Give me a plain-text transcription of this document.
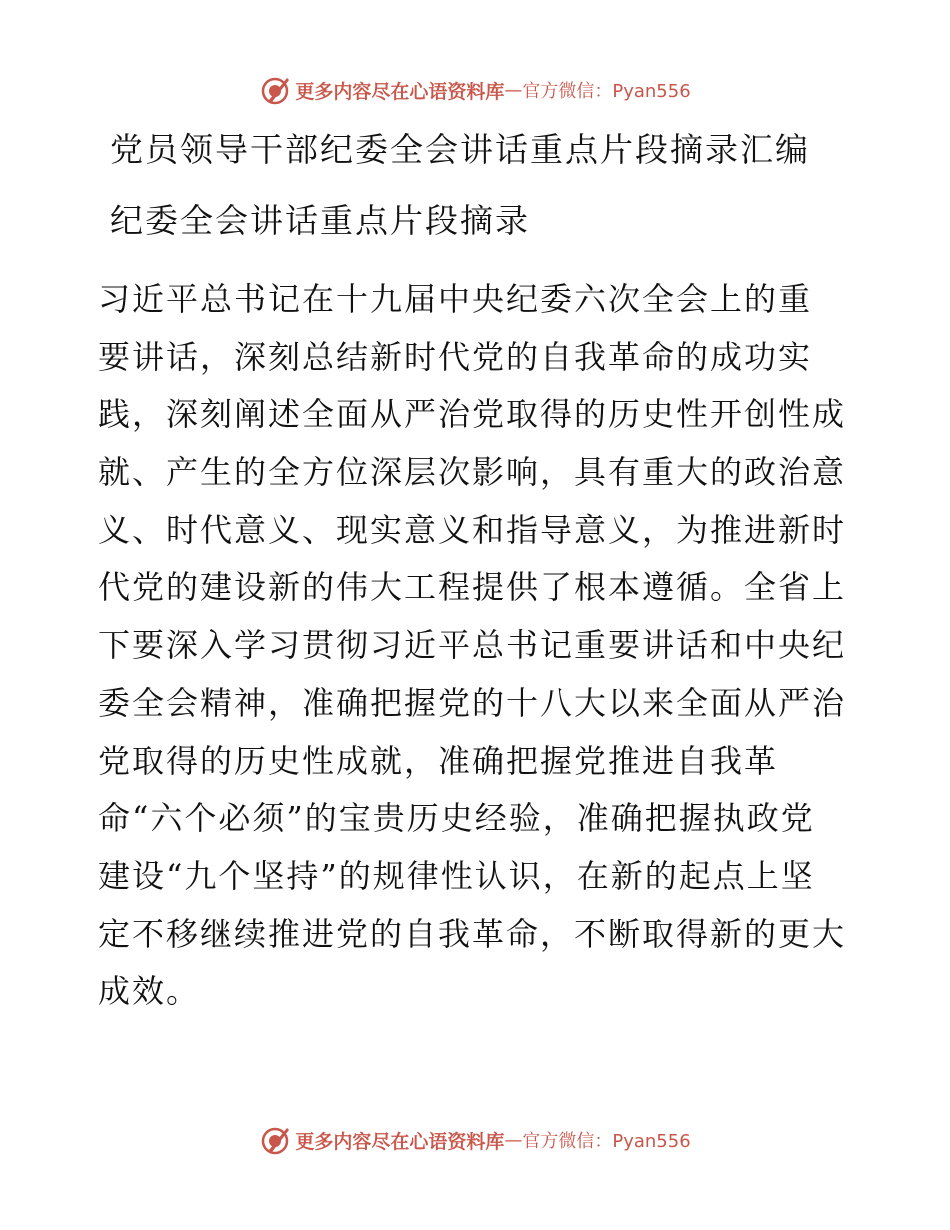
更多内容尽在心语资料库 — 官方微信：Pyan556
党员领导干部纪委全会讲话重点片段摘录汇编
纪委全会讲话重点片段摘录
习近平总书记在十九届中央纪委六次全会上的重
要讲话，深刻总结新时代党的自我革命的成功实
践，深刻阐述全面从严治党取得的历史性开创性成
就、产生的全方位深层次影响，具有重大的政治意
义、时代意义、现实意义和指导意义，为推进新时
代党的建设新的伟大工程提供了根本遵循。全省上
下要深入学习贯彻习近平总书记重要讲话和中央纪
委全会精神，准确把握党的十八大以来全面从严治
党取得的历史性成就，准确把握党推进自我革
命“六个必须”的宝贵历史经验，准确把握执政党
建设“九个坚持”的规律性认识，在新的起点上坚
定不移继续推进党的自我革命，不断取得新的更大
成效。
更多内容尽在心语资料库 — 官方微信：Pyan556
